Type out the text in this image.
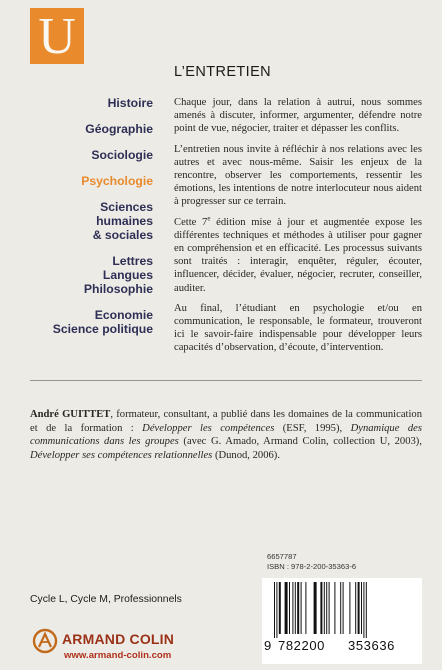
U
L’ENTRETIEN
Histoire
Géographie
Sociologie
Psychologie
Sciences
humaines
& sociales
Lettres
Langues
Philosophie
Economie
Science politique

Chaque jour, dans la relation à autrui, nous sommes amenés à discuter, informer, argumenter, défendre notre point de vue, négocier, traiter et dépasser les conflits.

L’entretien nous invite à réfléchir à nos relations avec les autres et avec nous-même. Saisir les enjeux de la rencontre, observer les comportements, ressentir les émotions, les intentions de notre interlocuteur nous aident à progresser sur ce terrain.

Cette 7e édition mise à jour et augmentée expose les différentes techniques et méthodes à utiliser pour gagner en compréhension et en efficacité. Les processus suivants sont traités : interagir, enquêter, réguler, écouter, influencer, décider, évaluer, négocier, recruter, conseiller, auditer.

Au final, l’étudiant en psychologie et/ou en communication, le responsable, le formateur, trouveront ici le savoir-faire indispensable pour développer leurs capacités d’observation, d’écoute, d’intervention.

André GUITTET, formateur, consultant, a publié dans les domaines de la communication et de la formation : Développer les compétences (ESF, 1995), Dynamique des communications dans les groupes (avec G. Amado, Armand Colin, collection U, 2003), Développer ses compétences relationnelles (Dunod, 2006).
6657787
ISBN : 978-2-200-35363-6
Cycle L, Cycle M, Professionnels
ARMAND COLIN
www.armand-colin.com
9 782200 353636
